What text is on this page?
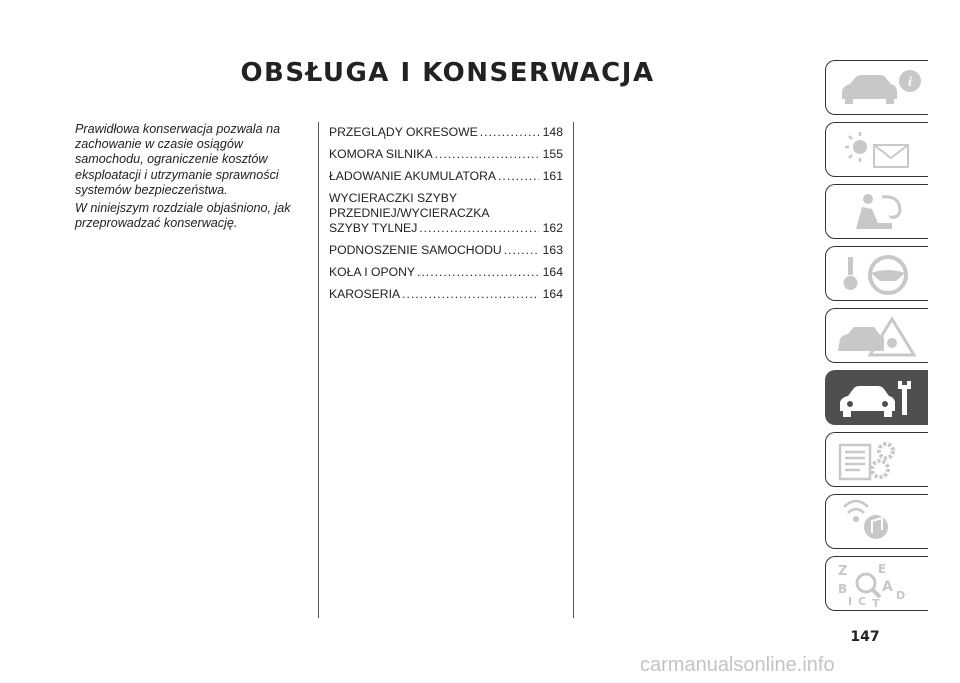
OBSŁUGA I KONSERWACJA

Prawidłowa konserwacja pozwala na zachowanie w czasie osiągów samochodu, ograniczenie kosztów eksploatacji i utrzymanie sprawności systemów bezpieczeństwa.

W niniejszym rozdziale objaśniono, jak przeprowadzać konserwację.

PRZEGLĄDY OKRESOWE .....	148
KOMORA SILNIKA .....	155
ŁADOWANIE AKUMULATORA .....	161
WYCIERACZKI SZYBY
PRZEDNIEJ/WYCIERACZKA
SZYBY TYLNEJ .....	162
PODNOSZENIE SAMOCHODU .....	163
KOŁA I OPONY .....	164
KAROSERIA .....	164
i
Z	E
B A
I C T
D
147
carmanualsonline.info
